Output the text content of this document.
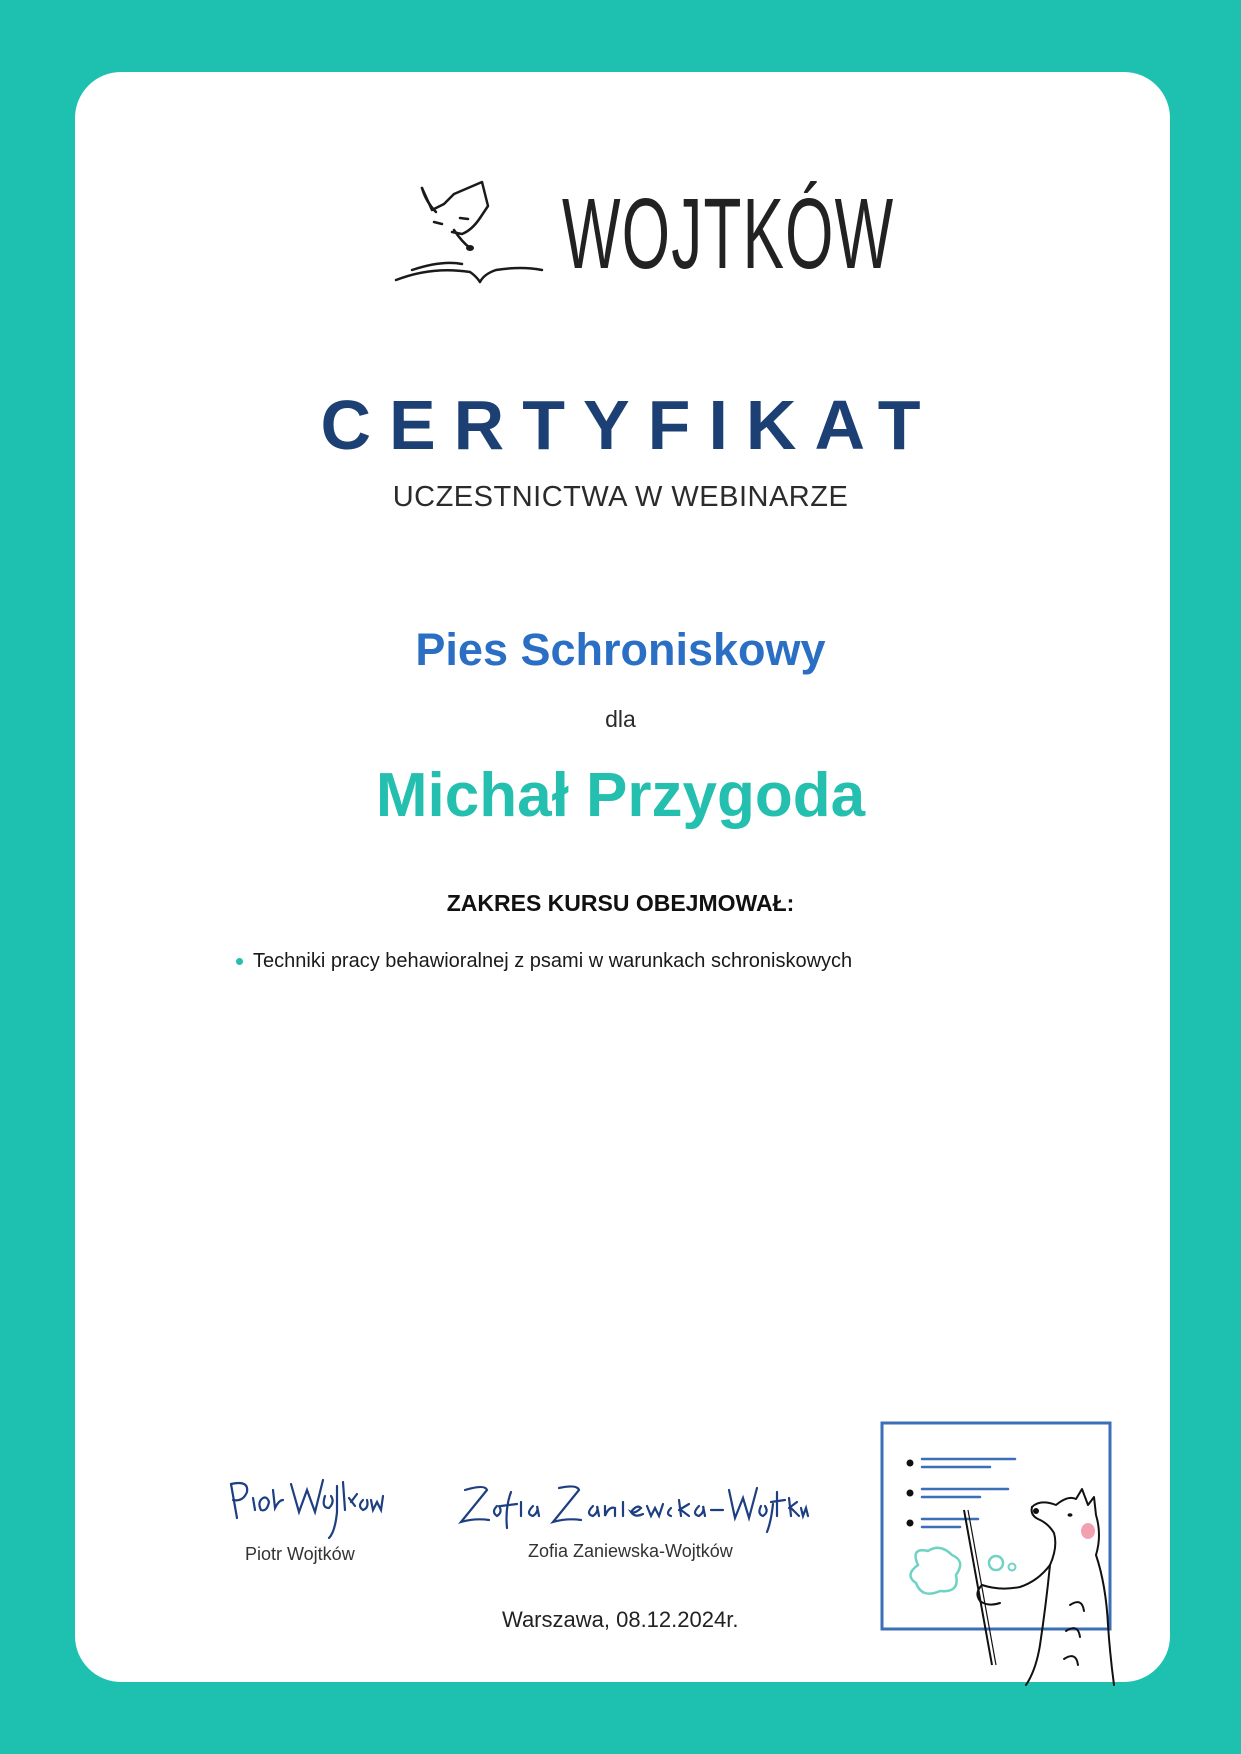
WOJTKÓW
CERTYFIKAT
UCZESTNICTWA W WEBINARZE
Pies Schroniskowy
dla
Michał Przygoda
ZAKRES KURSU OBEJMOWAŁ:
Techniki pracy behawioralnej z psami w warunkach schroniskowych
Piotr Wojtków	Zofia Zaniewska-Wojtków
Warszawa, 08.12.2024r.
